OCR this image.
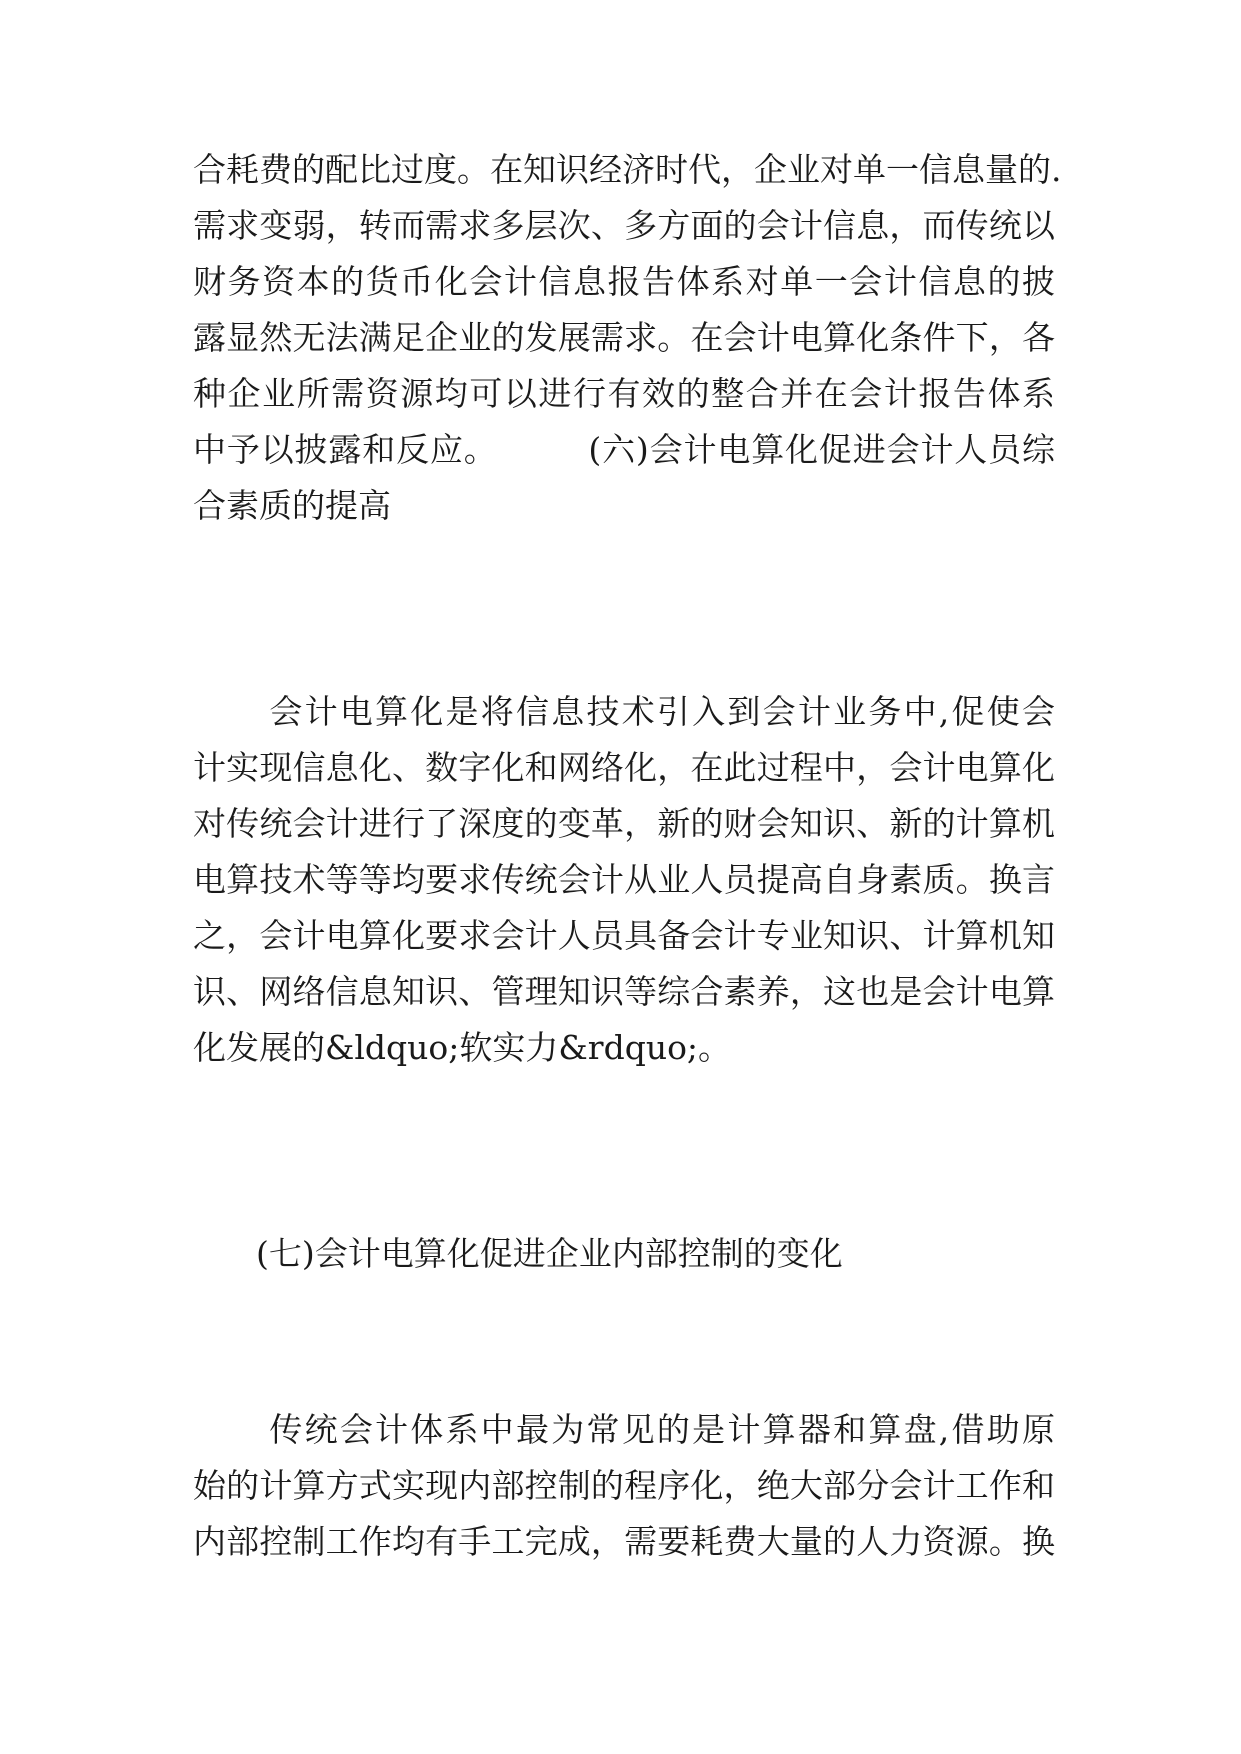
合耗费的配比过度。在知识经济时代，企业对单一信息量的.
需求变弱，转而需求多层次、多方面的会计信息，而传统以
财务资本的货币化会计信息报告体系对单一会计信息的披
露显然无法满足企业的发展需求。在会计电算化条件下，各
种企业所需资源均可以进行有效的整合并在会计报告体系
中予以披露和反应。        (六)会计电算化促进会计人员综
合素质的提高
会计电算化是将信息技术引入到会计业务中,促使会
计实现信息化、数字化和网络化，在此过程中，会计电算化
对传统会计进行了深度的变革，新的财会知识、新的计算机
电算技术等等均要求传统会计从业人员提高自身素质。换言
之，会计电算化要求会计人员具备会计专业知识、计算机知
识、网络信息知识、管理知识等综合素养，这也是会计电算
化发展的&ldquo;软实力&rdquo;。
(七)会计电算化促进企业内部控制的变化
传统会计体系中最为常见的是计算器和算盘,借助原
始的计算方式实现内部控制的程序化，绝大部分会计工作和
内部控制工作均有手工完成，需要耗费大量的人力资源。换
